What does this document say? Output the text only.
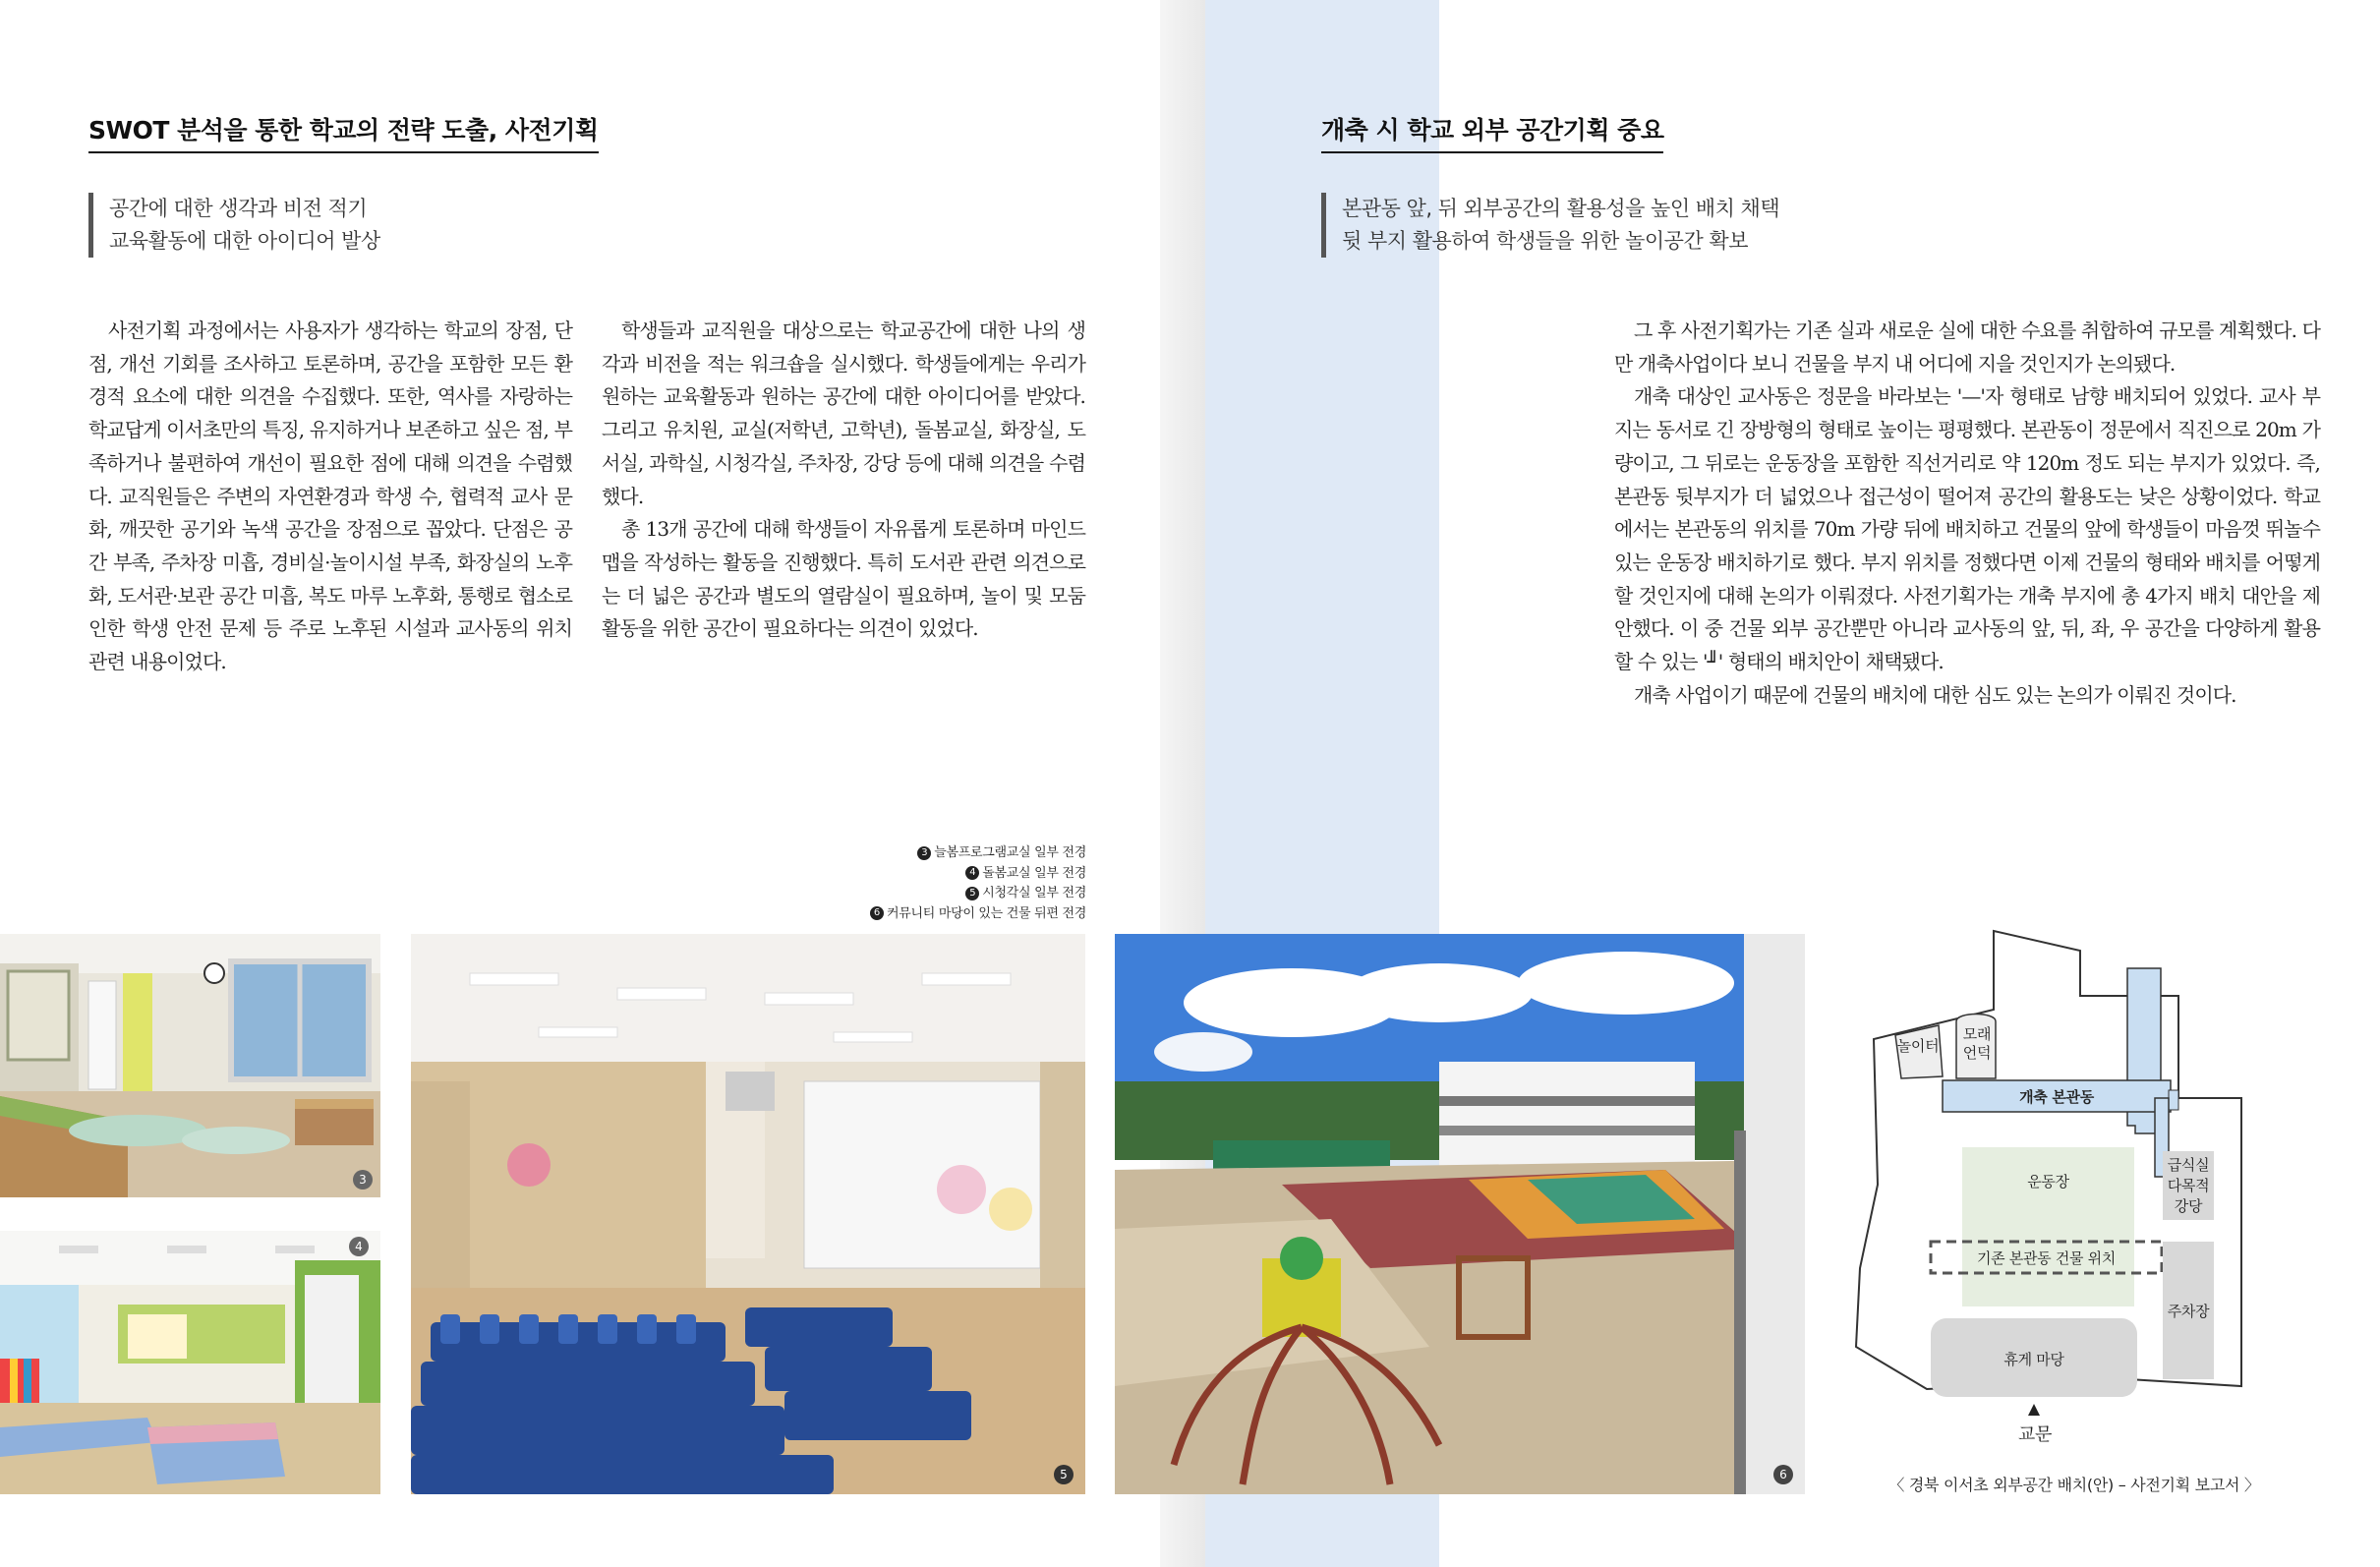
SWOT 분석을 통한 학교의 전략 도출, 사전기획
공간에 대한 생각과 비전 적기
교육활동에 대한 아이디어 발상

사전기획 과정에서는 사용자가 생각하는 학교의 장점, 단점, 개선 기회를 조사하고 토론하며, 공간을 포함한 모든 환경적 요소에 대한 의견을 수집했다. 또한, 역사를 자랑하는 학교답게 이서초만의 특징, 유지하거나 보존하고 싶은 점, 부족하거나 불편하여 개선이 필요한 점에 대해 의견을 수렴했다. 교직원들은 주변의 자연환경과 학생 수, 협력적 교사 문화, 깨끗한 공기와 녹색 공간을 장점으로 꼽았다. 단점은 공간 부족, 주차장 미흡, 경비실·놀이시설 부족, 화장실의 노후화, 도서관·보관 공간 미흡, 복도 마루 노후화, 통행로 협소로 인한 학생 안전 문제 등 주로 노후된 시설과 교사동의 위치 관련 내용이었다.

학생들과 교직원을 대상으로는 학교공간에 대한 나의 생각과 비전을 적는 워크숍을 실시했다. 학생들에게는 우리가 원하는 교육활동과 원하는 공간에 대한 아이디어를 받았다. 그리고 유치원, 교실(저학년, 고학년), 돌봄교실, 화장실, 도서실, 과학실, 시청각실, 주차장, 강당 등에 대해 의견을 수렴했다.

총 13개 공간에 대해 학생들이 자유롭게 토론하며 마인드맵을 작성하는 활동을 진행했다. 특히 도서관 관련 의견으로는 더 넓은 공간과 별도의 열람실이 필요하며, 놀이 및 모둠활동을 위한 공간이 필요하다는 의견이 있었다.

3 늘봄프로그램교실 일부 전경
4 돌봄교실 일부 전경
5 시청각실 일부 전경
6 커뮤니티 마당이 있는 건물 뒤편 전경
3
4
5	6
개축 시 학교 외부 공간기획 중요
본관동 앞, 뒤 외부공간의 활용성을 높인 배치 채택
뒷 부지 활용하여 학생들을 위한 놀이공간 확보

그 후 사전기획가는 기존 실과 새로운 실에 대한 수요를 취합하여 규모를 계획했다. 다만 개축사업이다 보니 건물을 부지 내 어디에 지을 것인지가 논의됐다.

개축 대상인 교사동은 정문을 바라보는 '—'자 형태로 남향 배치되어 있었다. 교사 부지는 동서로 긴 장방형의 형태로 높이는 평평했다. 본관동이 정문에서 직진으로 20m 가량이고, 그 뒤로는 운동장을 포함한 직선거리로 약 120m 정도 되는 부지가 있었다. 즉, 본관동 뒷부지가 더 넓었으나 접근성이 떨어져 공간의 활용도는 낮은 상황이었다. 학교에서는 본관동의 위치를 70m 가량 뒤에 배치하고 건물의 앞에 학생들이 마음껏 뛰놀수 있는 운동장 배치하기로 했다. 부지 위치를 정했다면 이제 건물의 형태와 배치를 어떻게 할 것인지에 대해 논의가 이뤄졌다. 사전기획가는 개축 부지에 총 4가지 배치 대안을 제안했다. 이 중 건물 외부 공간뿐만 아니라 교사동의 앞, 뒤, 좌, 우 공간을 다양하게 활용할 수 있는 '╜' 형태의 배치안이 채택됐다.

개축 사업이기 때문에 건물의 배치에 대한 심도 있는 논의가 이뤄진 것이다.

놀이터
모래
언덕
개축 본관동
운동장
기존 본관동 건물 위치
급식실
다목적
강당
주차장
휴게 마당
교문
〈 경북 이서초 외부공간 배치(안) – 사전기획 보고서 〉
